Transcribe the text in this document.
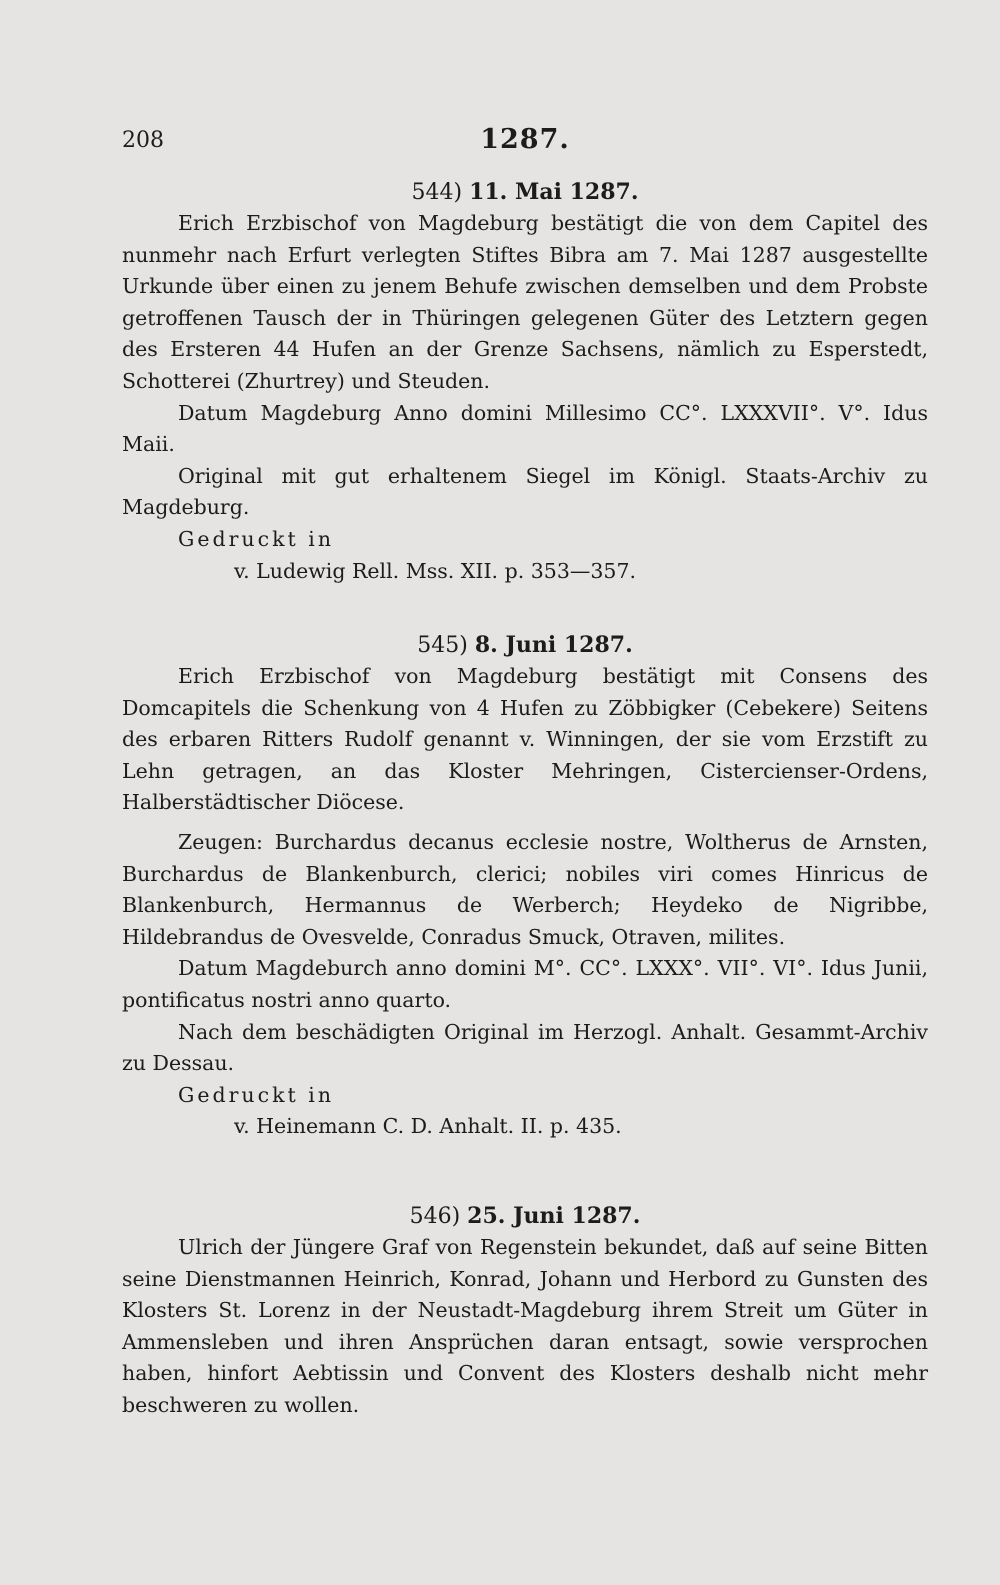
208	1287.
544) 11. Mai 1287.

Erich Erzbischof von Magdeburg bestätigt die von dem Capitel des nunmehr nach Erfurt verlegten Stiftes Bibra am 7. Mai 1287 ausgestellte Urkunde über einen zu jenem Behufe zwischen demselben und dem Probste getroffenen Tausch der in Thüringen gelegenen Güter des Letztern gegen des Ersteren 44 Hufen an der Grenze Sachsens, nämlich zu Esperstedt, Schotterei (Zhurtrey) und Steuden.

Datum Magdeburg Anno domini Millesimo CC°. LXXXVII°. V°. Idus Maii.

Original mit gut erhaltenem Siegel im Königl. Staats-Archiv zu Magdeburg.

Gedruckt in

v. Ludewig Rell. Mss. XII. p. 353—357.

545) 8. Juni 1287.

Erich Erzbischof von Magdeburg bestätigt mit Consens des Domcapitels die Schenkung von 4 Hufen zu Zöbbigker (Cebekere) Seitens des erbaren Ritters Rudolf genannt v. Winningen, der sie vom Erzstift zu Lehn getragen, an das Kloster Mehringen, Cistercienser-Ordens, Halberstädtischer Diöcese.

Zeugen: Burchardus decanus ecclesie nostre, Woltherus de Arnsten, Burchardus de Blankenburch, clerici; nobiles viri comes Hinricus de Blankenburch, Hermannus de Werberch; Heydeko de Nigribbe, Hildebrandus de Ovesvelde, Conradus Smuck, Otraven, milites.

Datum Magdeburch anno domini M°. CC°. LXXX°. VII°. VI°. Idus Junii, pontificatus nostri anno quarto.

Nach dem beschädigten Original im Herzogl. Anhalt. Gesammt-Archiv zu Dessau.

Gedruckt in

v. Heinemann C. D. Anhalt. II. p. 435.

546) 25. Juni 1287.

Ulrich der Jüngere Graf von Regenstein bekundet, daß auf seine Bitten seine Dienstmannen Heinrich, Konrad, Johann und Herbord zu Gunsten des Klosters St. Lorenz in der Neustadt-Magdeburg ihrem Streit um Güter in Ammensleben und ihren Ansprüchen daran entsagt, sowie versprochen haben, hinfort Aebtissin und Convent des Klosters deshalb nicht mehr beschweren zu wollen.
